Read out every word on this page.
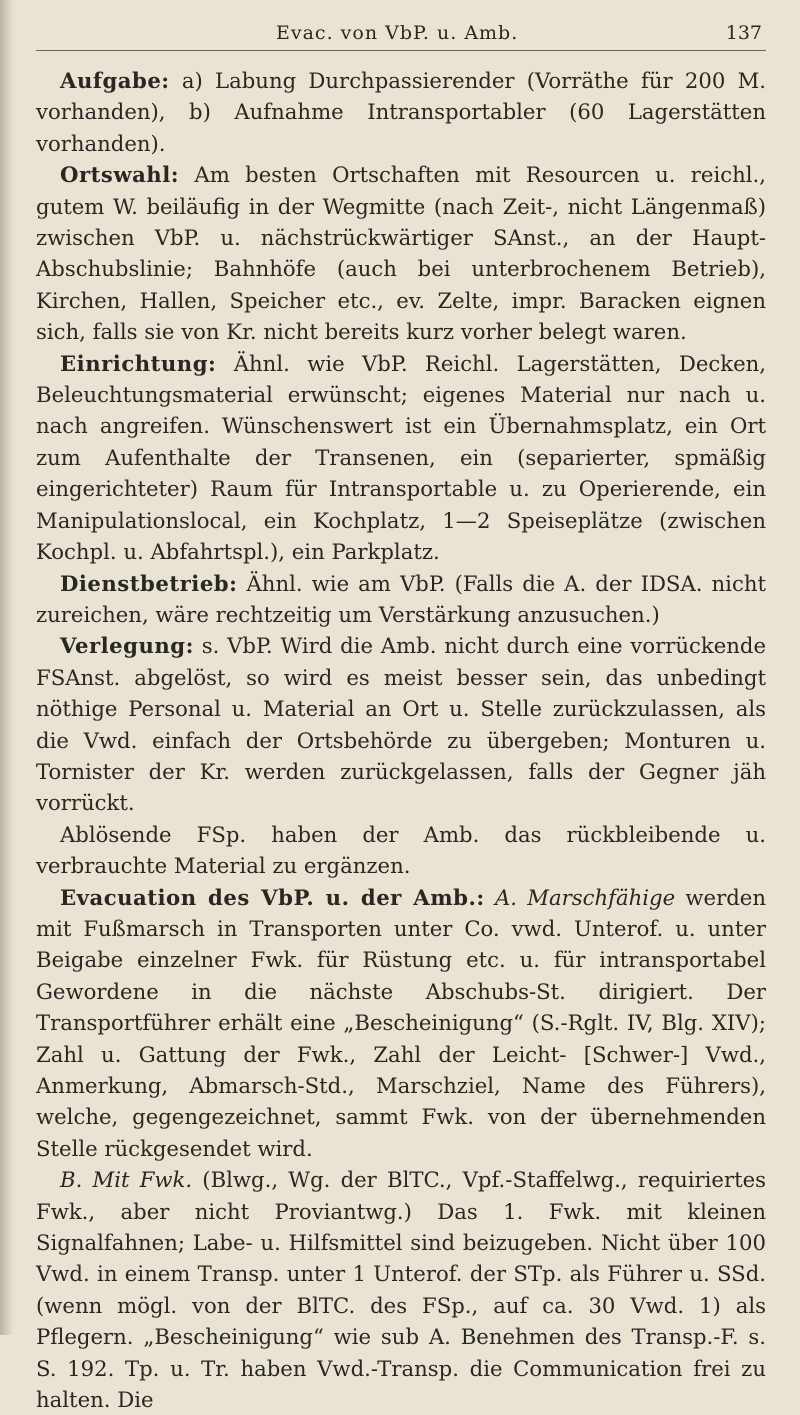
Evac. von VbP. u. Amb.	137

Aufgabe: a) Labung Durchpassierender (Vorräthe für 200 M. vorhanden), b) Aufnahme Intransportabler (60 Lagerstätten vorhanden).

Ortswahl: Am besten Ortschaften mit Resourcen u. reichl., gutem W. beiläufig in der Wegmitte (nach Zeit-, nicht Längenmaß) zwischen VbP. u. nächstrückwärtiger SAnst., an der Haupt-Abschubslinie; Bahnhöfe (auch bei unterbrochenem Betrieb), Kirchen, Hallen, Speicher etc., ev. Zelte, impr. Baracken eignen sich, falls sie von Kr. nicht bereits kurz vorher belegt waren.

Einrichtung: Ähnl. wie VbP. Reichl. Lagerstätten, Decken, Beleuchtungsmaterial erwünscht; eigenes Material nur nach u. nach angreifen. Wünschenswert ist ein Übernahmsplatz, ein Ort zum Aufenthalte der Transenen, ein (separierter, spmäßig eingerichteter) Raum für Intransportable u. zu Operierende, ein Manipulationslocal, ein Kochplatz, 1—2 Speiseplätze (zwischen Kochpl. u. Abfahrtspl.), ein Parkplatz.

Dienstbetrieb: Ähnl. wie am VbP. (Falls die A. der IDSA. nicht zureichen, wäre rechtzeitig um Verstärkung anzusuchen.)

Verlegung: s. VbP. Wird die Amb. nicht durch eine vorrückende FSAnst. abgelöst, so wird es meist besser sein, das unbedingt nöthige Personal u. Material an Ort u. Stelle zurückzulassen, als die Vwd. einfach der Ortsbehörde zu übergeben; Monturen u. Tornister der Kr. werden zurückgelassen, falls der Gegner jäh vorrückt.

Ablösende FSp. haben der Amb. das rückbleibende u. verbrauchte Material zu ergänzen.

Evacuation des VbP. u. der Amb.: A. Marschfähige werden mit Fußmarsch in Transporten unter Co. vwd. Unterof. u. unter Beigabe einzelner Fwk. für Rüstung etc. u. für intransportabel Gewordene in die nächste Abschubs-St. dirigiert. Der Transportführer erhält eine „Bescheinigung“ (S.-Rglt. IV, Blg. XIV); Zahl u. Gattung der Fwk., Zahl der Leicht- [Schwer-] Vwd., Anmerkung, Abmarsch-Std., Marschziel, Name des Führers), welche, gegengezeichnet, sammt Fwk. von der übernehmenden Stelle rückgesendet wird.

B. Mit Fwk. (Blwg., Wg. der BlTC., Vpf.-Staffelwg., requiriertes Fwk., aber nicht Proviantwg.) Das 1. Fwk. mit kleinen Signalfahnen; Labe- u. Hilfsmittel sind beizugeben. Nicht über 100 Vwd. in einem Transp. unter 1 Unterof. der STp. als Führer u. SSd. (wenn mögl. von der BlTC. des FSp., auf ca. 30 Vwd. 1) als Pflegern. „Bescheinigung“ wie sub A. Benehmen des Transp.-F. s. S. 192. Tp. u. Tr. haben Vwd.-Transp. die Communication frei zu halten. Die
